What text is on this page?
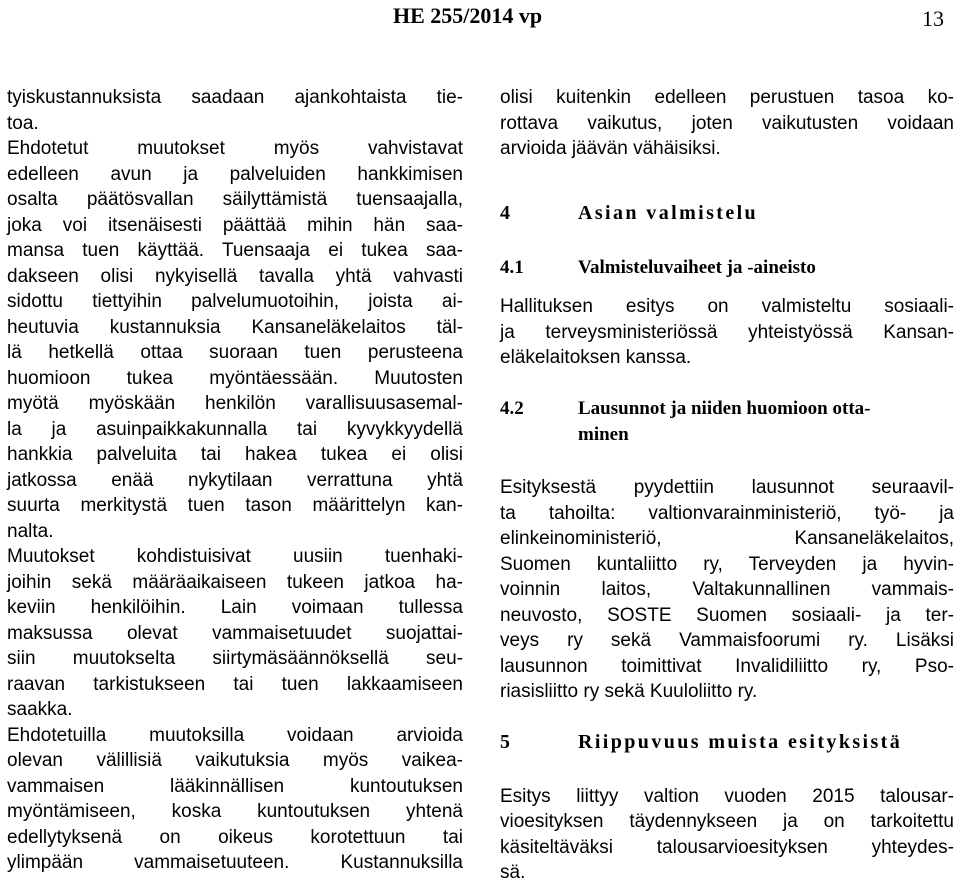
HE 255/2014 vp	13
tyiskustannuksista saadaan ajankohtaista tie-
toa.
Ehdotetut muutokset myös vahvistavat
edelleen avun ja palveluiden hankkimisen
osalta päätösvallan säilyttämistä tuensaajalla,
joka voi itsenäisesti päättää mihin hän saa-
mansa tuen käyttää. Tuensaaja ei tukea saa-
dakseen olisi nykyisellä tavalla yhtä vahvasti
sidottu tiettyihin palvelumuotoihin, joista ai-
heutuvia kustannuksia Kansaneläkelaitos täl-
lä hetkellä ottaa suoraan tuen perusteena
huomioon tukea myöntäessään. Muutosten
myötä myöskään henkilön varallisuusasemal-
la ja asuinpaikkakunnalla tai kyvykkyydellä
hankkia palveluita tai hakea tukea ei olisi
jatkossa enää nykytilaan verrattuna yhtä
suurta merkitystä tuen tason määrittelyn kan-
nalta.
Muutokset kohdistuisivat uusiin tuenhaki-
joihin sekä määräaikaiseen tukeen jatkoa ha-
keviin henkilöihin. Lain voimaan tullessa
maksussa olevat vammaisetuudet suojattai-
siin muutokselta siirtymäsäännöksellä seu-
raavan tarkistukseen tai tuen lakkaamiseen
saakka.
Ehdotetuilla muutoksilla voidaan arvioida
olevan välillisiä vaikutuksia myös vaikea-
vammaisen lääkinnällisen kuntoutuksen
myöntämiseen, koska kuntoutuksen yhtenä
edellytyksenä on oikeus korotettuun tai
ylimpään vammaisetuuteen. Kustannuksilla
olisi kuitenkin edelleen perustuen tasoa ko-
rottava vaikutus, joten vaikutusten voidaan
arvioida jäävän vähäisiksi.
4	Asian valmistelu
4.1	Valmisteluvaiheet ja -aineisto
Hallituksen esitys on valmisteltu sosiaali-
ja terveysministeriössä yhteistyössä Kansan-
eläkelaitoksen kanssa.
4.2	Lausunnot ja niiden huomioon otta-
minen
Esityksestä pyydettiin lausunnot seuraavil-
ta tahoilta: valtionvarainministeriö, työ- ja
elinkeinoministeriö, Kansaneläkelaitos,
Suomen kuntaliitto ry, Terveyden ja hyvin-
voinnin laitos, Valtakunnallinen vammais-
neuvosto, SOSTE Suomen sosiaali- ja ter-
veys ry sekä Vammaisfoorumi ry. Lisäksi
lausunnon toimittivat Invalidiliitto ry, Pso-
riasisliitto ry sekä Kuuloliitto ry.
5	Riippuvuus muista esityksistä
Esitys liittyy valtion vuoden 2015 talousar-
vioesityksen täydennykseen ja on tarkoitettu
käsiteltäväksi talousarvioesityksen yhteydes-
sä.
